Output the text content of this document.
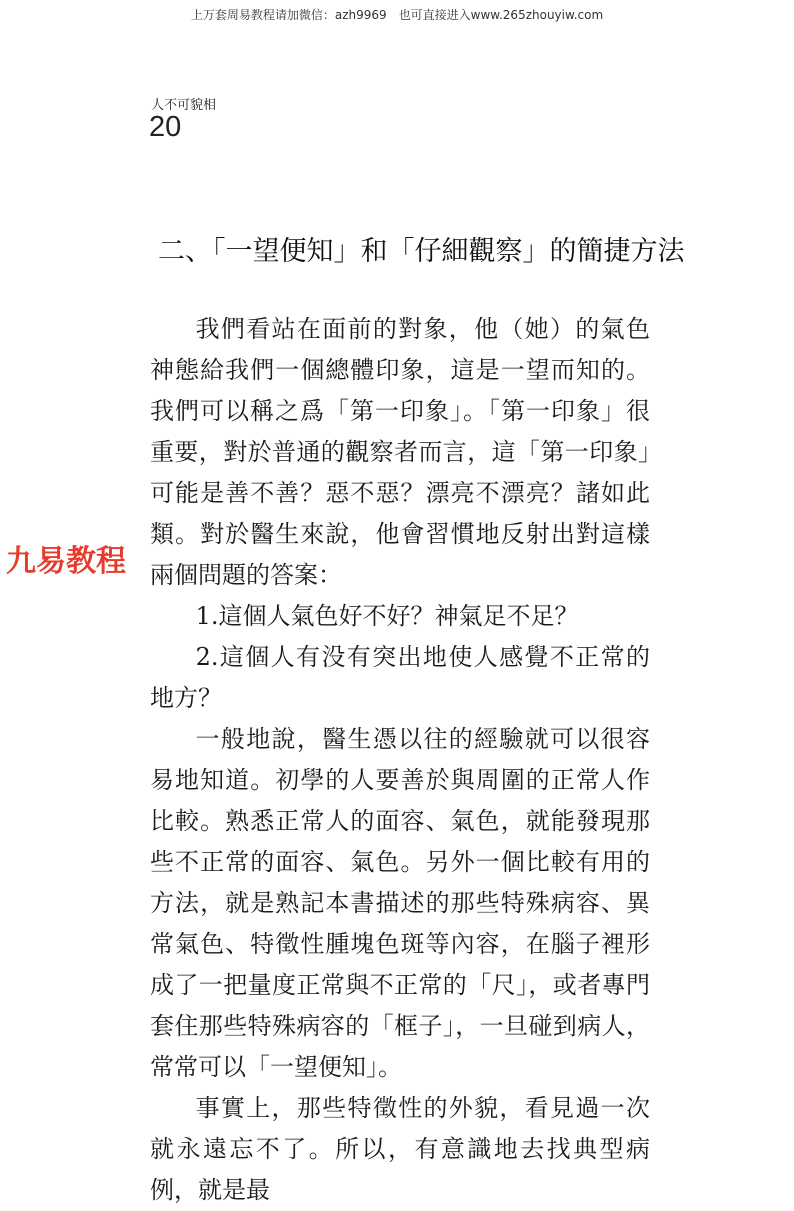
上万套周易教程请加微信：azh9969　也可直接进入www.265zhouyiw.com
人不可貌相
20
二、「一望便知」和「仔細觀察」的簡捷方法

我們看站在面前的對象，他（她）的氣色神態給我們一個總體印象，這是一望而知的。我們可以稱之爲「第一印象」。「第一印象」很重要，對於普通的觀察者而言，這「第一印象」可能是善不善？惡不惡？漂亮不漂亮？諸如此類。對於醫生來說，他會習慣地反射出對這樣兩個問題的答案：

1.這個人氣色好不好？神氣足不足？

2.這個人有没有突出地使人感覺不正常的地方？

一般地說，醫生憑以往的經驗就可以很容易地知道。初學的人要善於與周圍的正常人作比較。熟悉正常人的面容、氣色，就能發現那些不正常的面容、氣色。另外一個比較有用的方法，就是熟記本書描述的那些特殊病容、異常氣色、特徵性腫塊色斑等內容，在腦子裡形成了一把量度正常與不正常的「尺」，或者專門套住那些特殊病容的「框子」，一旦碰到病人，常常可以「一望便知」。

事實上，那些特徵性的外貌，看見過一次就永遠忘不了。所以，有意識地去找典型病例，就是最

九易教程
